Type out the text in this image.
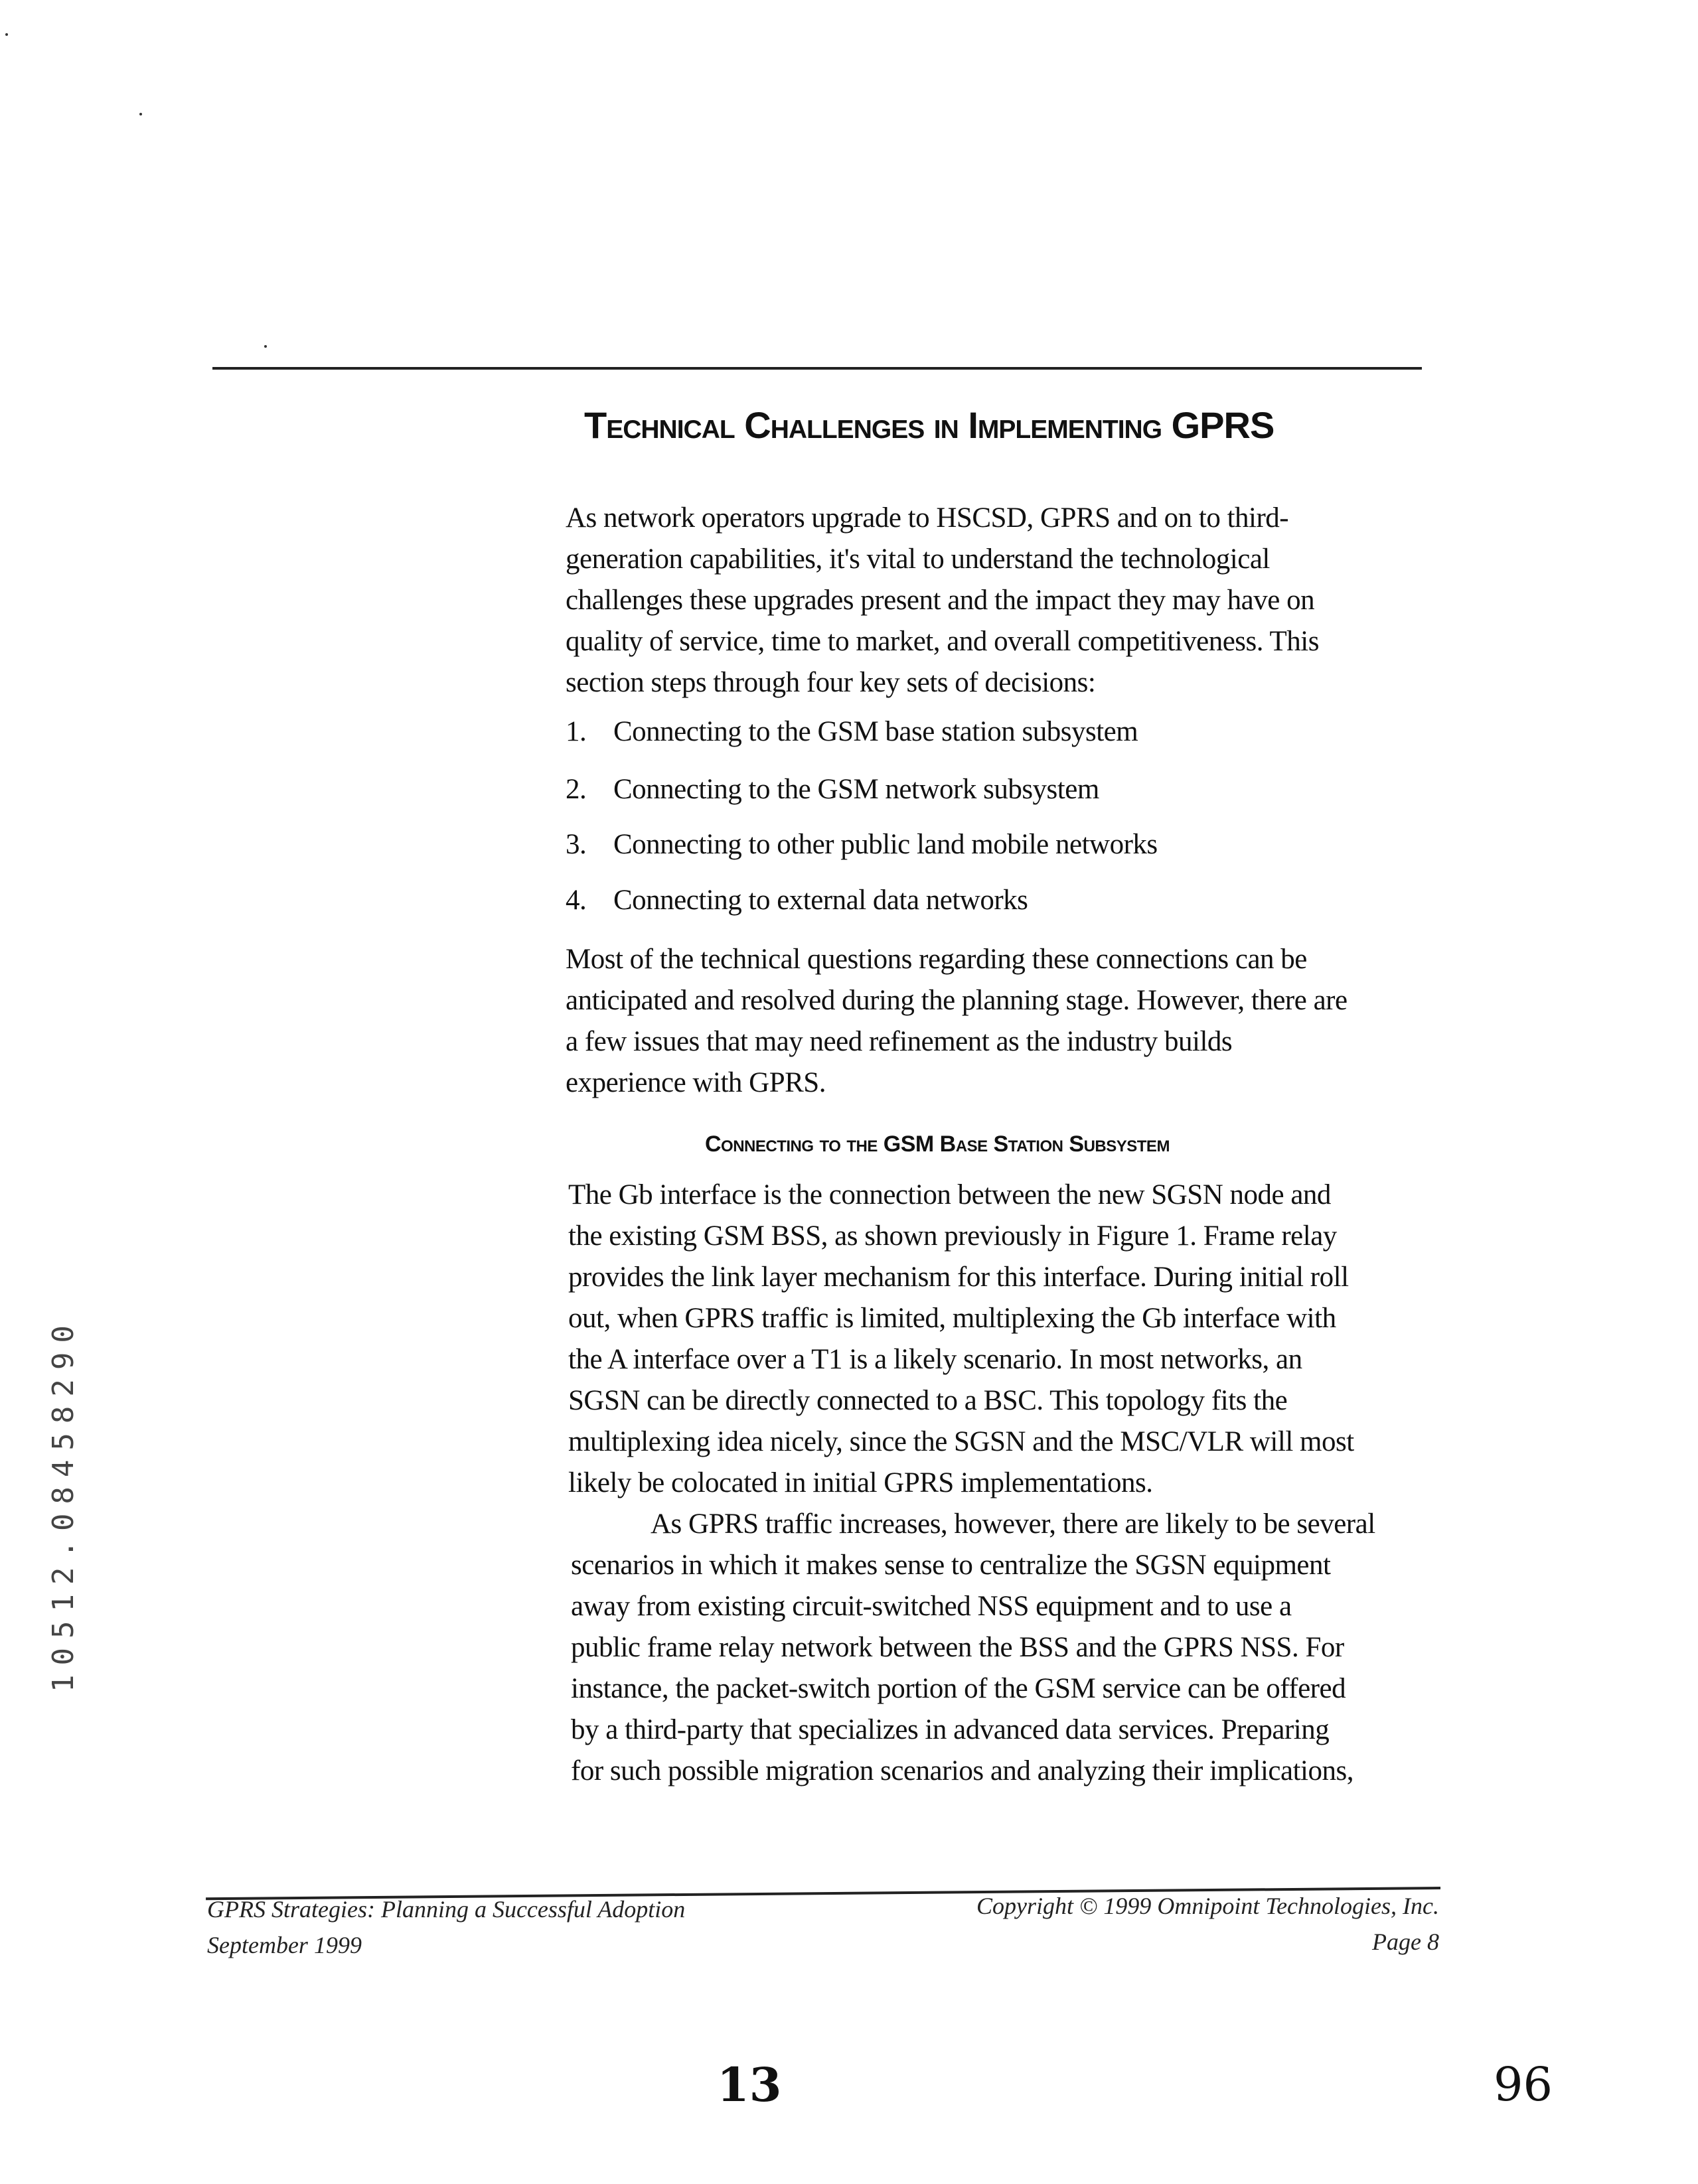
10512.08458290
Technical Challenges in Implementing GPRS
As network operators upgrade to HSCSD, GPRS and on to third-
generation capabilities, it's vital to understand the technological
challenges these upgrades present and the impact they may have on
quality of service, time to market, and overall competitiveness. This
section steps through four key sets of decisions:
1. Connecting to the GSM base station subsystem
2. Connecting to the GSM network subsystem
3. Connecting to other public land mobile networks
4. Connecting to external data networks
Most of the technical questions regarding these connections can be
anticipated and resolved during the planning stage. However, there are
a few issues that may need refinement as the industry builds
experience with GPRS.
Connecting to the GSM Base Station Subsystem
The Gb interface is the connection between the new SGSN node and
the existing GSM BSS, as shown previously in Figure 1. Frame relay
provides the link layer mechanism for this interface. During initial roll
out, when GPRS traffic is limited, multiplexing the Gb interface with
the A interface over a T1 is a likely scenario. In most networks, an
SGSN can be directly connected to a BSC. This topology fits the
multiplexing idea nicely, since the SGSN and the MSC/VLR will most
likely be colocated in initial GPRS implementations.
As GPRS traffic increases, however, there are likely to be several
scenarios in which it makes sense to centralize the SGSN equipment
away from existing circuit-switched NSS equipment and to use a
public frame relay network between the BSS and the GPRS NSS. For
instance, the packet-switch portion of the GSM service can be offered
by a third-party that specializes in advanced data services. Preparing
for such possible migration scenarios and analyzing their implications,
GPRS Strategies: Planning a Successful Adoption
September 1999
Copyright © 1999 Omnipoint Technologies, Inc.
Page 8
13	96
